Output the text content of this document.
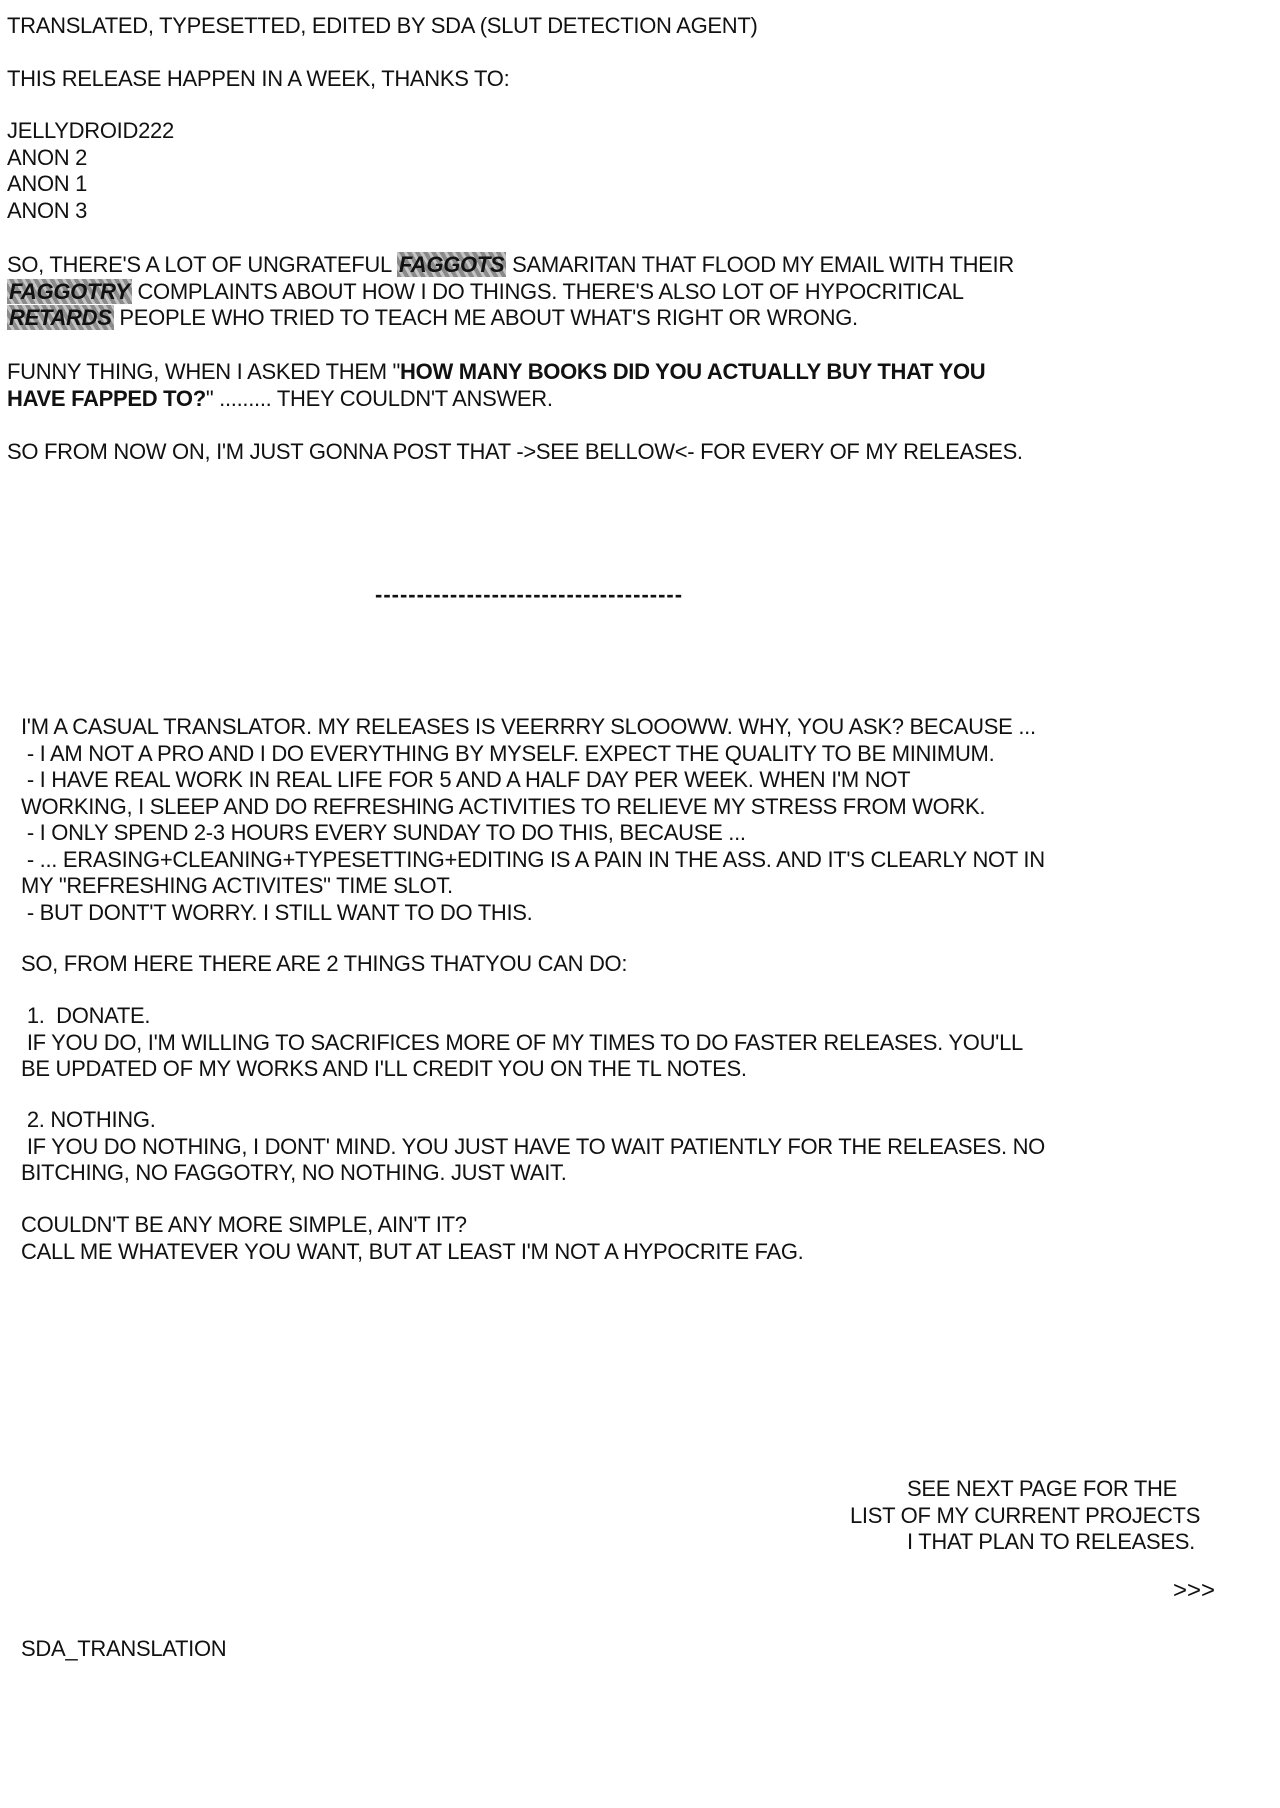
TRANSLATED, TYPESETTED, EDITED BY SDA (SLUT DETECTION AGENT)
THIS RELEASE HAPPEN IN A WEEK, THANKS TO:
JELLYDROID222
ANON 2
ANON 1
ANON 3
SO, THERE'S A LOT OF UNGRATEFUL FAGGOTS SAMARITAN THAT FLOOD MY EMAIL WITH THEIR
FAGGOTRY COMPLAINTS ABOUT HOW I DO THINGS. THERE'S ALSO LOT OF HYPOCRITICAL
RETARDS PEOPLE WHO TRIED TO TEACH ME ABOUT WHAT'S RIGHT OR WRONG.
FUNNY THING, WHEN I ASKED THEM "HOW MANY BOOKS DID YOU ACTUALLY BUY THAT YOU
HAVE FAPPED TO?" ......... THEY COULDN'T ANSWER.
SO FROM NOW ON, I'M JUST GONNA POST THAT ->SEE BELLOW<- FOR EVERY OF MY RELEASES.
-------------------------------------
I'M A CASUAL TRANSLATOR. MY RELEASES IS VEERRRY SLOOOWW. WHY, YOU ASK? BECAUSE ...
- I AM NOT A PRO AND I DO EVERYTHING BY MYSELF. EXPECT THE QUALITY TO BE MINIMUM.
- I HAVE REAL WORK IN REAL LIFE FOR 5 AND A HALF DAY PER WEEK. WHEN I'M NOT
WORKING, I SLEEP AND DO REFRESHING ACTIVITIES TO RELIEVE MY STRESS FROM WORK.
- I ONLY SPEND 2-3 HOURS EVERY SUNDAY TO DO THIS, BECAUSE ...
- ... ERASING+CLEANING+TYPESETTING+EDITING IS A PAIN IN THE ASS. AND IT'S CLEARLY NOT IN
MY "REFRESHING ACTIVITES" TIME SLOT.
- BUT DONT'T WORRY. I STILL WANT TO DO THIS.
SO, FROM HERE THERE ARE 2 THINGS THATYOU CAN DO:
1.  DONATE.
IF YOU DO, I'M WILLING TO SACRIFICES MORE OF MY TIMES TO DO FASTER RELEASES. YOU'LL
BE UPDATED OF MY WORKS AND I'LL CREDIT YOU ON THE TL NOTES.
2. NOTHING.
IF YOU DO NOTHING, I DONT' MIND. YOU JUST HAVE TO WAIT PATIENTLY FOR THE RELEASES. NO
BITCHING, NO FAGGOTRY, NO NOTHING. JUST WAIT.
COULDN'T BE ANY MORE SIMPLE, AIN'T IT?
CALL ME WHATEVER YOU WANT, BUT AT LEAST I'M NOT A HYPOCRITE FAG.
SEE NEXT PAGE FOR THE
LIST OF MY CURRENT PROJECTS
I THAT PLAN TO RELEASES.
>>>
SDA_TRANSLATION
